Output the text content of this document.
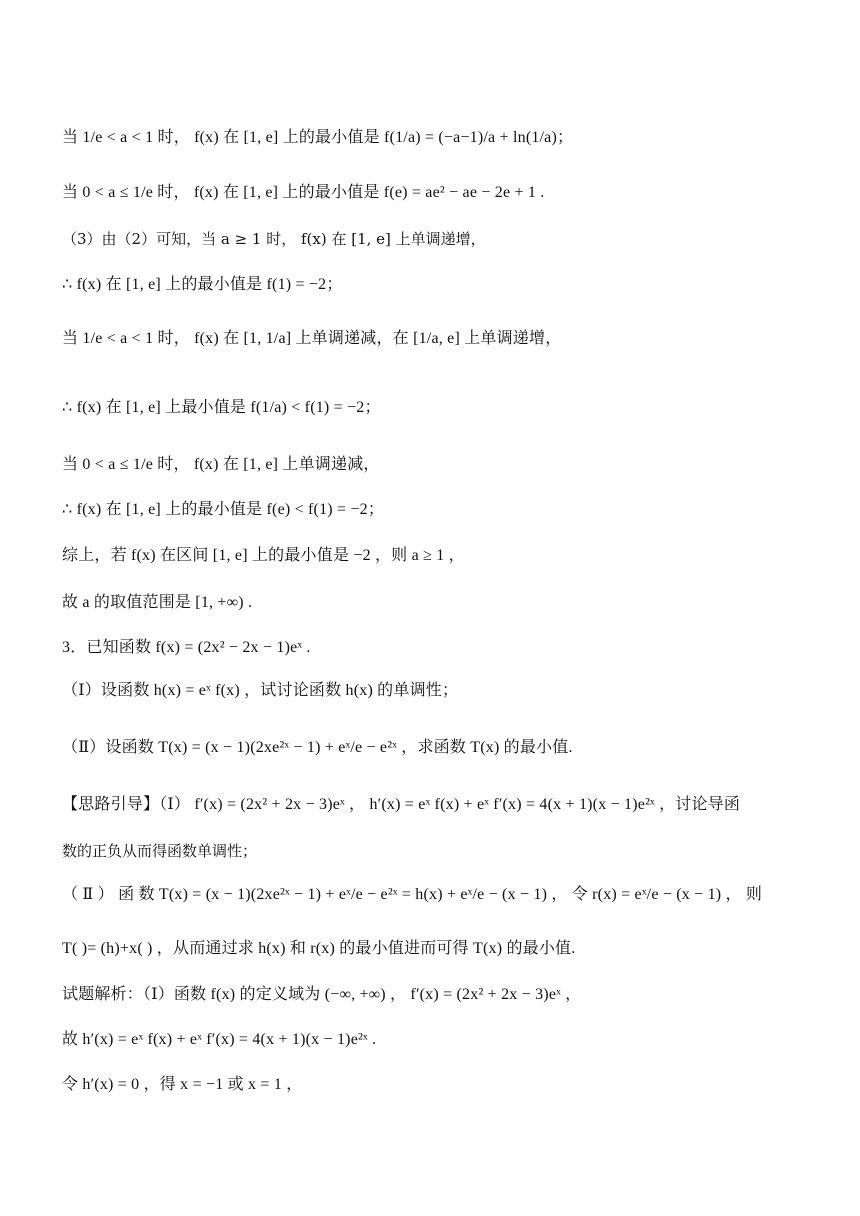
当 1/e < a < 1 时， f(x) 在 [1, e] 上的最小值是 f(1/a) = (−a−1)/a + ln(1/a)；
当 0 < a ≤ 1/e 时， f(x) 在 [1, e] 上的最小值是 f(e) = ae² − ae − 2e + 1 .
（3）由（2）可知，当 a ≥ 1 时， f(x) 在 [1, e] 上单调递增，
∴ f(x) 在 [1, e] 上的最小值是 f(1) = −2；
当 1/e < a < 1 时， f(x) 在 [1, 1/a] 上单调递减，在 [1/a, e] 上单调递增，
∴ f(x) 在 [1, e] 上最小值是 f(1/a) < f(1) = −2；
当 0 < a ≤ 1/e 时， f(x) 在 [1, e] 上单调递减，
∴ f(x) 在 [1, e] 上的最小值是 f(e) < f(1) = −2；
综上，若 f(x) 在区间 [1, e] 上的最小值是 −2 ，则 a ≥ 1 ，
故 a 的取值范围是 [1, +∞) .
3．已知函数 f(x) = (2x² − 2x − 1)eˣ .
（Ⅰ）设函数 h(x) = eˣ f(x) ，试讨论函数 h(x) 的单调性；
（Ⅱ）设函数 T(x) = (x − 1)(2xe²ˣ − 1) + eˣ/e − e²ˣ ，求函数 T(x) 的最小值.
【思路引导】（Ⅰ） f′(x) = (2x² + 2x − 3)eˣ ， h′(x) = eˣ f(x) + eˣ f′(x) = 4(x + 1)(x − 1)e²ˣ ，讨论导函
数的正负从而得函数单调性；
（ Ⅱ ） 函 数 T(x) = (x − 1)(2xe²ˣ − 1) + eˣ/e − e²ˣ = h(x) + eˣ/e − (x − 1) ， 令 r(x) = eˣ/e − (x − 1) ， 则
T( )= (h)+x( ) ，从而通过求 h(x) 和 r(x) 的最小值进而可得 T(x) 的最小值.
试题解析：（Ⅰ）函数 f(x) 的定义域为 (−∞, +∞) ， f′(x) = (2x² + 2x − 3)eˣ ，
故 h′(x) = eˣ f(x) + eˣ f′(x) = 4(x + 1)(x − 1)e²ˣ .
令 h′(x) = 0 ，得 x = −1 或 x = 1 ，
